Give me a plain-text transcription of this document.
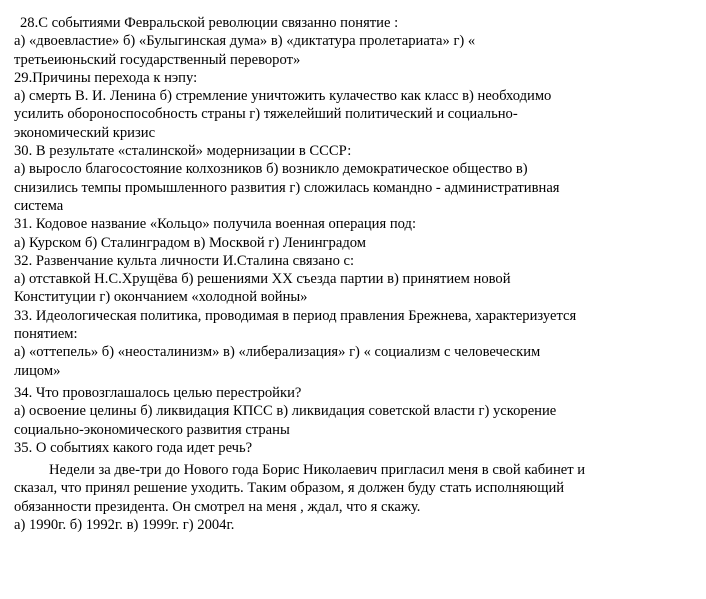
28.С событиями Февральской революции связанно понятие :
а) «двоевластие» б) «Булыгинская дума» в) «диктатура пролетариата» г) «
третьеиюньский государственный переворот»
29.Причины перехода к нэпу:
а) смерть В. И. Ленина б) стремление уничтожить кулачество как класс в) необходимо
усилить обороноспособность страны г) тяжелейший политический и социально-
экономический кризис
30. В результате «сталинской» модернизации в СССР:
а) выросло благосостояние колхозников б) возникло демократическое общество в)
снизились темпы промышленного развития г) сложилась командно - административная
система
31. Кодовое название «Кольцо» получила военная операция под:
а) Курском б) Сталинградом в) Москвой г) Ленинградом
32. Развенчание культа личности И.Сталина связано с:
а) отставкой Н.С.Хрущёва б) решениями XX съезда партии в) принятием новой
Конституции г) окончанием «холодной войны»
33. Идеологическая политика, проводимая в период правления Брежнева, характеризуется
понятием:
а) «оттепель» б) «неосталинизм» в) «либерализация» г) « социализм с человеческим
лицом»
34. Что провозглашалось целью перестройки?
а) освоение целины б) ликвидация КПСС в) ликвидация советской власти г) ускорение
социально-экономического развития страны
35. О событиях какого года идет речь?
Недели за две-три до Нового года Борис Николаевич пригласил меня в свой кабинет и
сказал, что принял решение уходить. Таким образом, я должен буду стать исполняющий
обязанности президента. Он смотрел на меня , ждал, что я скажу.
а) 1990г. б) 1992г. в) 1999г. г) 2004г.
